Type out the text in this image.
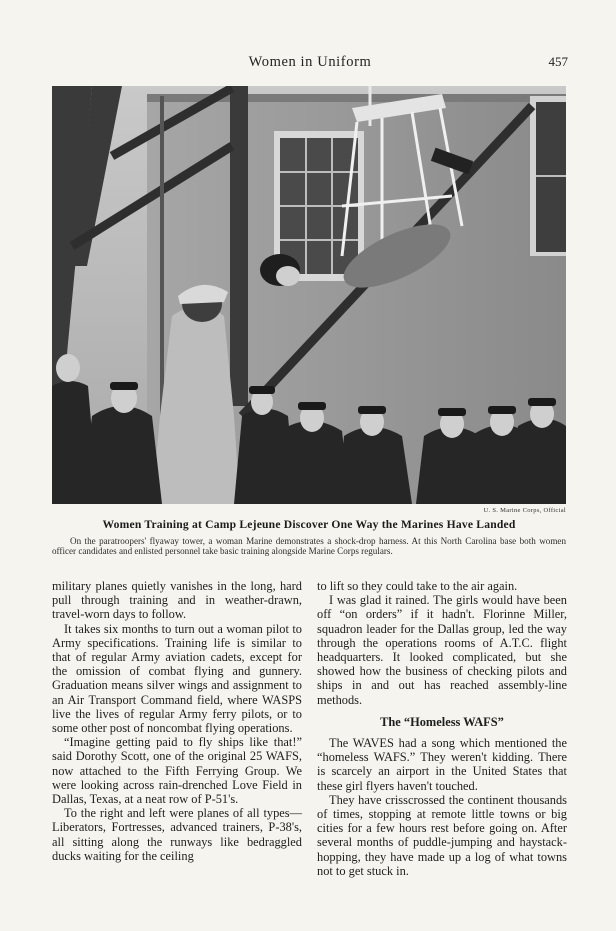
Women in Uniform	457
U. S. Marine Corps, Official
Women Training at Camp Lejeune Discover One Way the Marines Have Landed
On the paratroopers' flyaway tower, a woman Marine demonstrates a shock-drop harness. At this North Carolina base both women officer candidates and enlisted personnel take basic training alongside Marine Corps regulars.

military planes quietly vanishes in the long, hard pull through training and in weather-drawn, travel-worn days to follow.

It takes six months to turn out a woman pilot to Army specifications. Training life is similar to that of regular Army aviation cadets, except for the omission of combat flying and gunnery. Graduation means silver wings and assignment to an Air Transport Command field, where WASPS live the lives of regular Army ferry pilots, or to some other post of noncombat flying operations.

“Imagine getting paid to fly ships like that!” said Dorothy Scott, one of the original 25 WAFS, now attached to the Fifth Ferrying Group. We were looking across rain-drenched Love Field in Dallas, Texas, at a neat row of P-51's.

To the right and left were planes of all types—Liberators, Fortresses, advanced trainers, P-38's, all sitting along the runways like bedraggled ducks waiting for the ceiling

to lift so they could take to the air again.

I was glad it rained. The girls would have been off “on orders” if it hadn't. Florinne Miller, squadron leader for the Dallas group, led the way through the operations rooms of A.T.C. flight headquarters. It looked complicated, but she showed how the business of checking pilots and ships in and out has reached assembly-line methods.

The “Homeless WAFS”

The WAVES had a song which mentioned the “homeless WAFS.” They weren't kidding. There is scarcely an airport in the United States that these girl flyers haven't touched.

They have crisscrossed the continent thousands of times, stopping at remote little towns or big cities for a few hours rest before going on. After several months of puddle-jumping and haystack-hopping, they have made up a log of what towns not to get stuck in.
